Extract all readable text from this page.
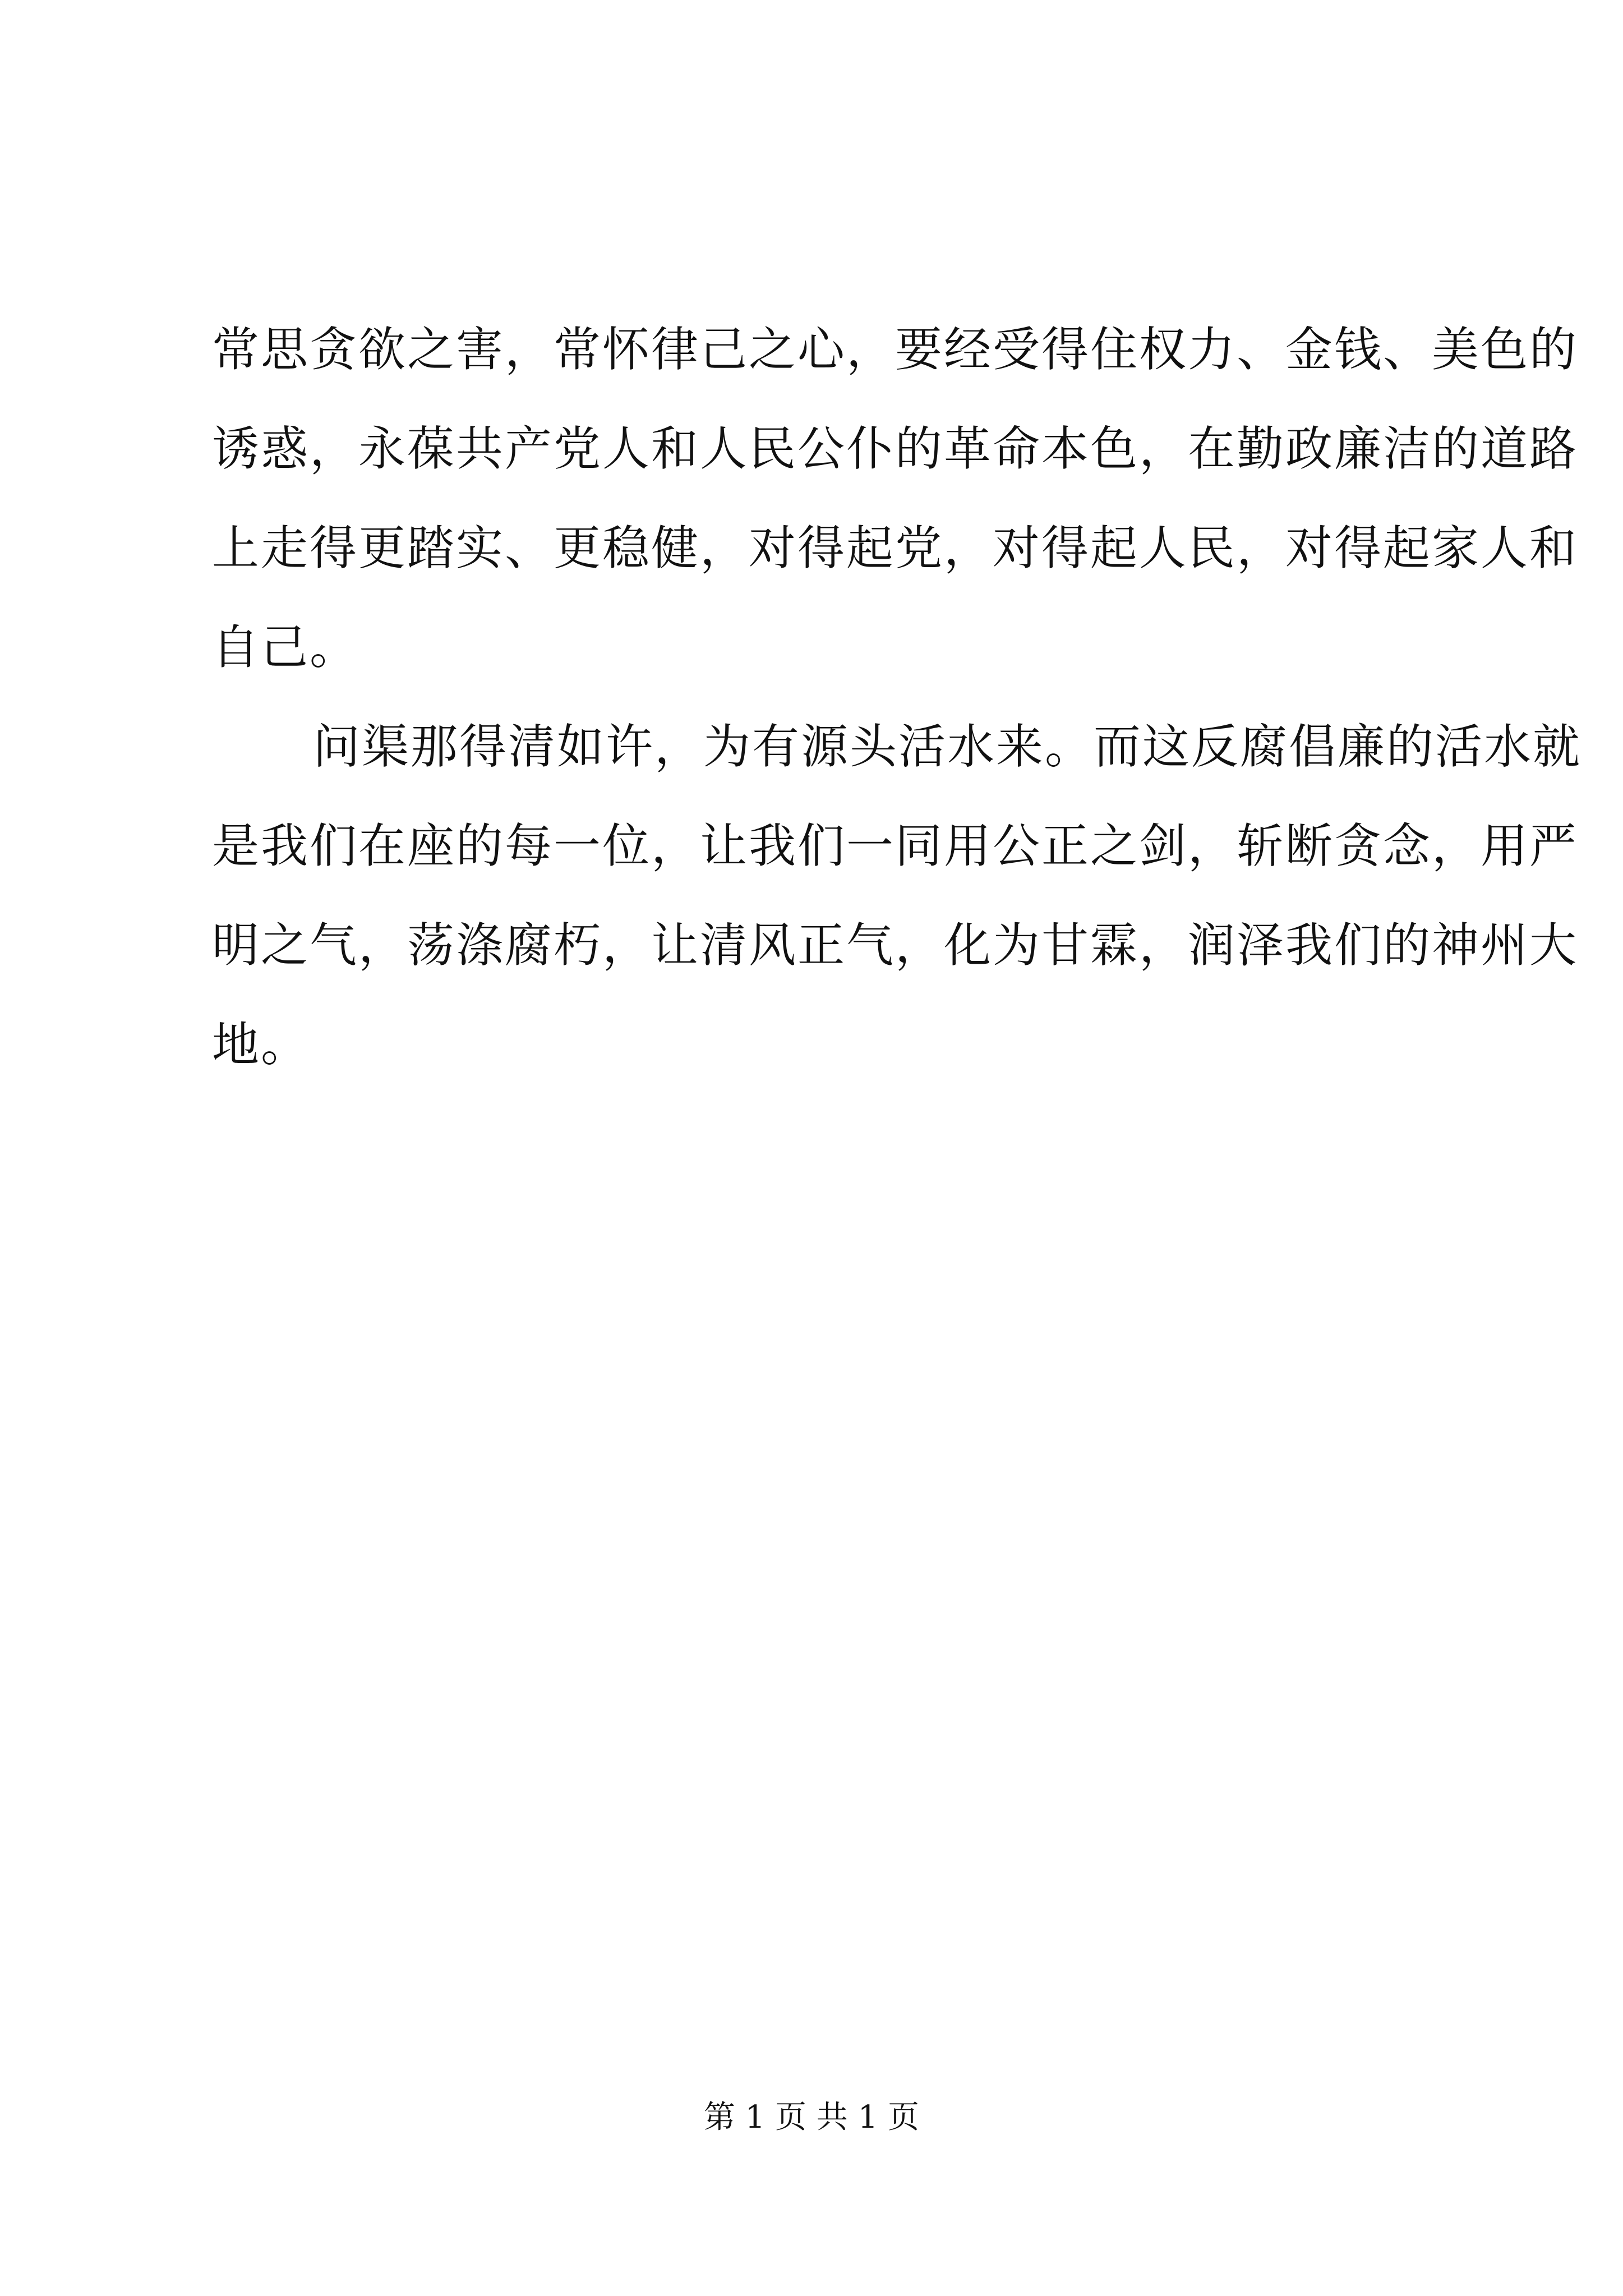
常思贪欲之害，常怀律己之心，要经受得住权力、金钱、美色的
诱惑，永葆共产党人和人民公仆的革命本色，在勤政廉洁的道路
上走得更踏实、更稳健，对得起党，对得起人民，对得起家人和
自己。
问渠那得清如许，为有源头活水来。而这反腐倡廉的活水就
是我们在座的每一位，让我们一同用公正之剑，斩断贪念，用严
明之气，荡涤腐朽，让清风正气，化为甘霖，润泽我们的神州大
地。
第 1 页 共 1 页
